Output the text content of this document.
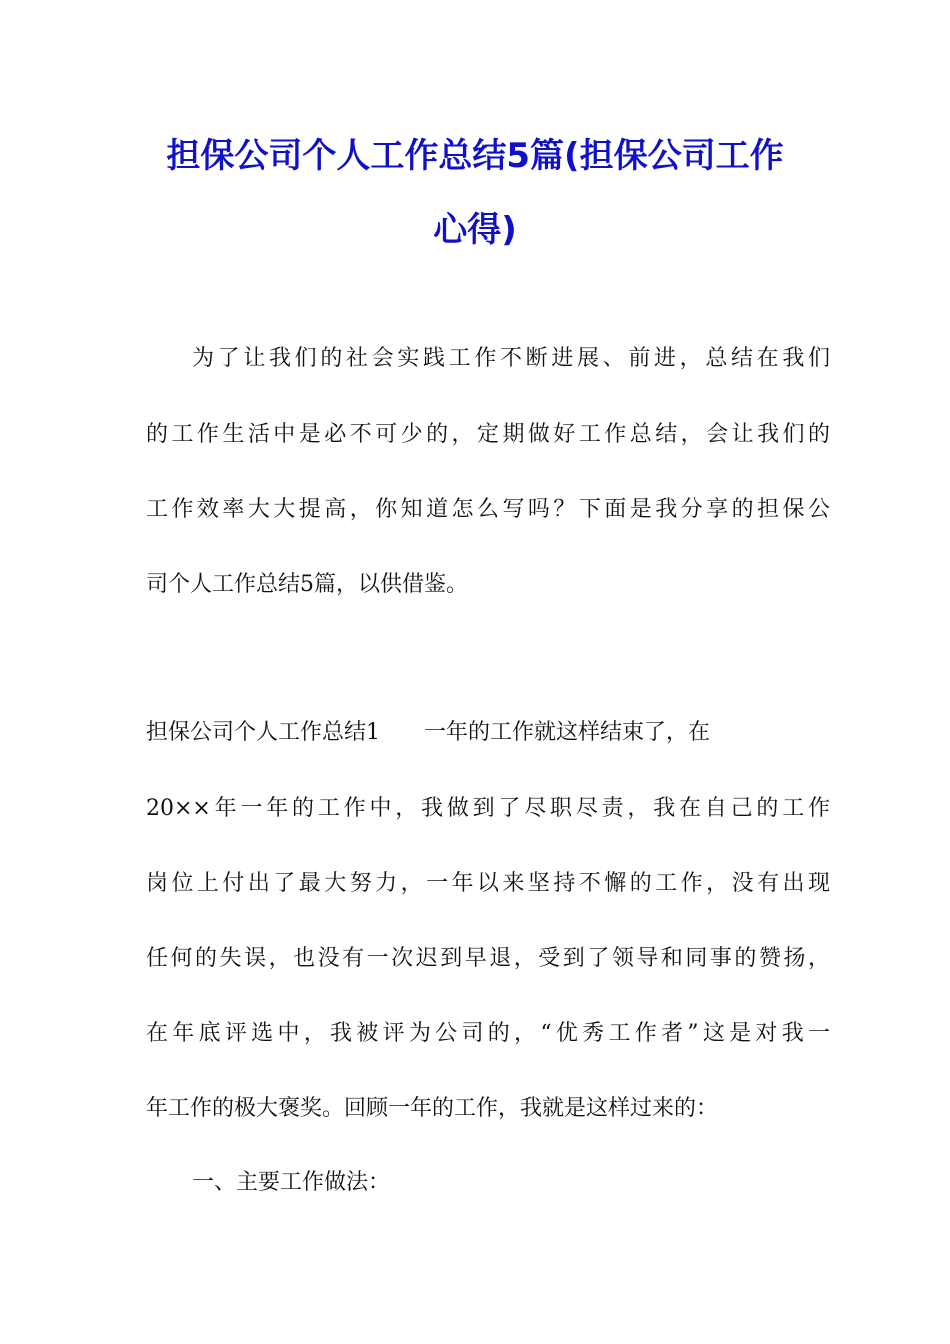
担保公司个人工作总结5篇(担保公司工作
心得)
为了让我们的社会实践工作不断进展、前进，总结在我们
的工作生活中是必不可少的，定期做好工作总结，会让我们的
工作效率大大提高，你知道怎么写吗？下面是我分享的担保公
司个人工作总结5篇，以供借鉴。
担保公司个人工作总结1　　一年的工作就这样结束了，在
20××年一年的工作中，我做到了尽职尽责，我在自己的工作
岗位上付出了最大努力，一年以来坚持不懈的工作，没有出现
任何的失误，也没有一次迟到早退，受到了领导和同事的赞扬，
在年底评选中，我被评为公司的，“优秀工作者”这是对我一
年工作的极大褒奖。回顾一年的工作，我就是这样过来的：
一、主要工作做法：
